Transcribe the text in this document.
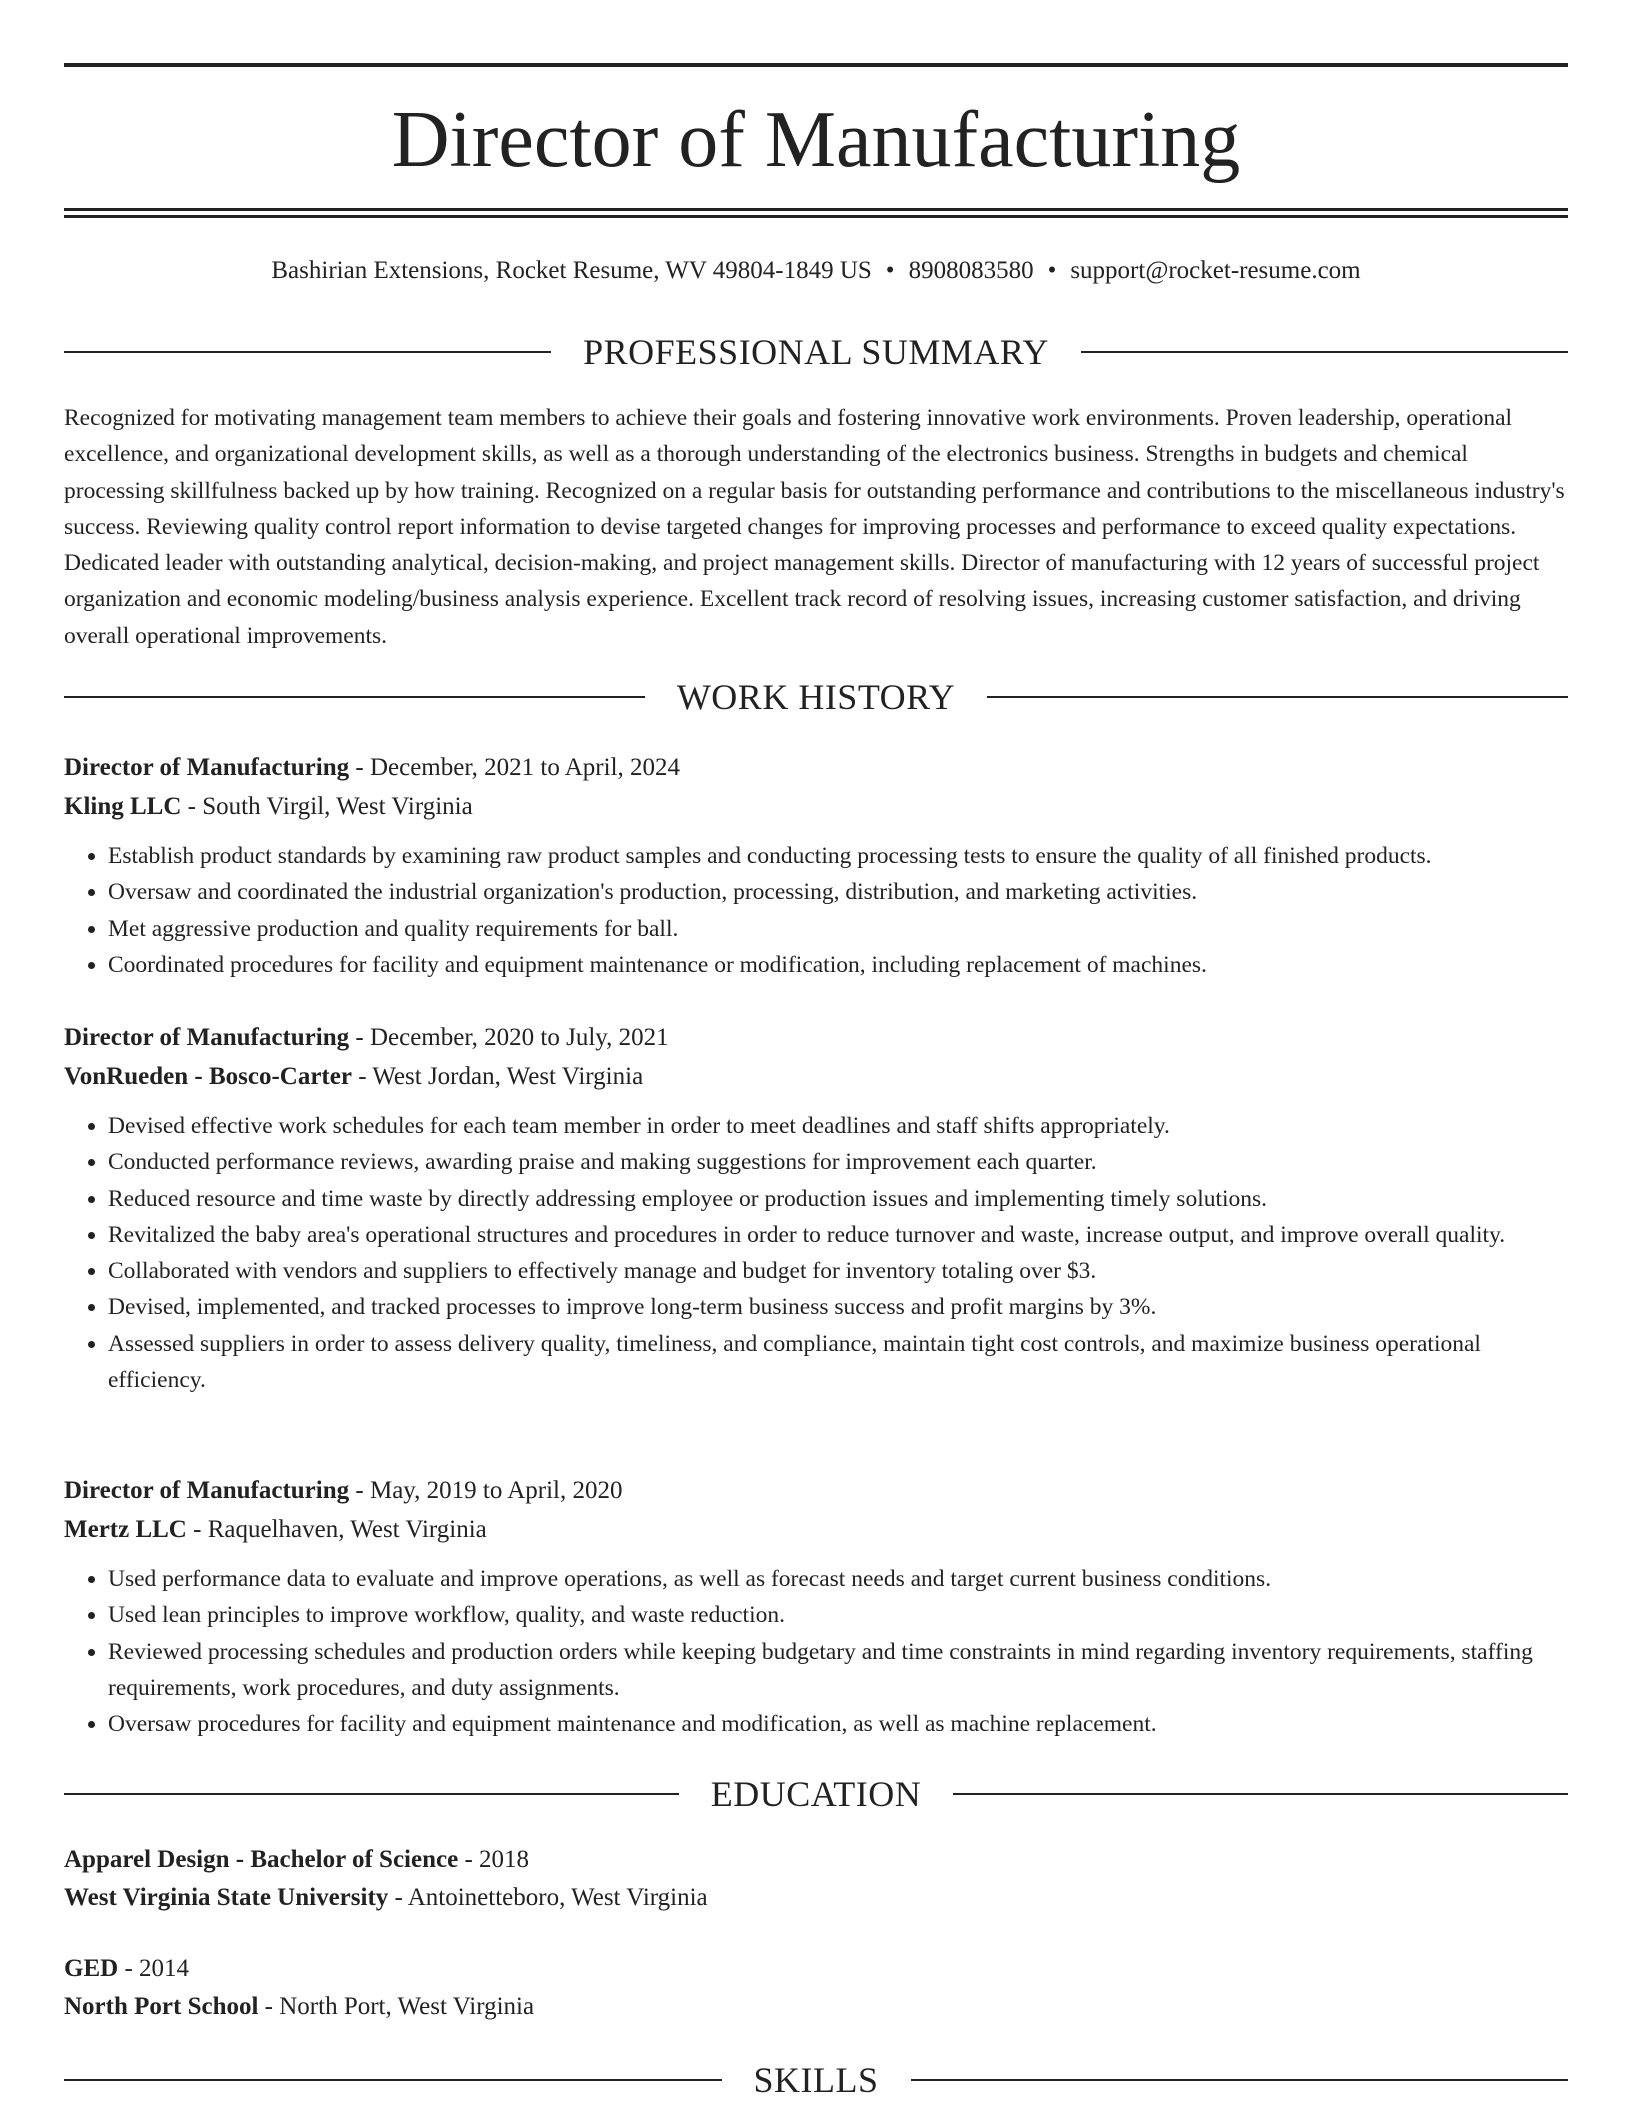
Director of Manufacturing
Bashirian Extensions, Rocket Resume, WV 49804-1849 US • 8908083580 • support@rocket-resume.com
PROFESSIONAL SUMMARY

Recognized for motivating management team members to achieve their goals and fostering innovative work environments. Proven leadership, operational excellence, and organizational development skills, as well as a thorough understanding of the electronics business. Strengths in budgets and chemical processing skillfulness backed up by how training. Recognized on a regular basis for outstanding performance and contributions to the miscellaneous industry's success. Reviewing quality control report information to devise targeted changes for improving processes and performance to exceed quality expectations. Dedicated leader with outstanding analytical, decision-making, and project management skills. Director of manufacturing with 12 years of successful project organization and economic modeling/business analysis experience. Excellent track record of resolving issues, increasing customer satisfaction, and driving overall operational improvements.

WORK HISTORY

Director of Manufacturing - December, 2021 to April, 2024

Kling LLC - South Virgil, West Virginia

• Establish product standards by examining raw product samples and conducting processing tests to ensure the quality of all finished products.
• Oversaw and coordinated the industrial organization's production, processing, distribution, and marketing activities.
• Met aggressive production and quality requirements for ball.
• Coordinated procedures for facility and equipment maintenance or modification, including replacement of machines.

Director of Manufacturing - December, 2020 to July, 2021

VonRueden - Bosco-Carter - West Jordan, West Virginia

• Devised effective work schedules for each team member in order to meet deadlines and staff shifts appropriately.
• Conducted performance reviews, awarding praise and making suggestions for improvement each quarter.
• Reduced resource and time waste by directly addressing employee or production issues and implementing timely solutions.
• Revitalized the baby area's operational structures and procedures in order to reduce turnover and waste, increase output, and improve overall quality.
• Collaborated with vendors and suppliers to effectively manage and budget for inventory totaling over $3.
• Devised, implemented, and tracked processes to improve long-term business success and profit margins by 3%.
• Assessed suppliers in order to assess delivery quality, timeliness, and compliance, maintain tight cost controls, and maximize business operational efficiency.

Director of Manufacturing - May, 2019 to April, 2020

Mertz LLC - Raquelhaven, West Virginia

• Used performance data to evaluate and improve operations, as well as forecast needs and target current business conditions.
• Used lean principles to improve workflow, quality, and waste reduction.
• Reviewed processing schedules and production orders while keeping budgetary and time constraints in mind regarding inventory requirements, staffing requirements, work procedures, and duty assignments.
• Oversaw procedures for facility and equipment maintenance and modification, as well as machine replacement.
EDUCATION

Apparel Design - Bachelor of Science - 2018

West Virginia State University - Antoinetteboro, West Virginia

GED - 2014

North Port School - North Port, West Virginia

SKILLS
